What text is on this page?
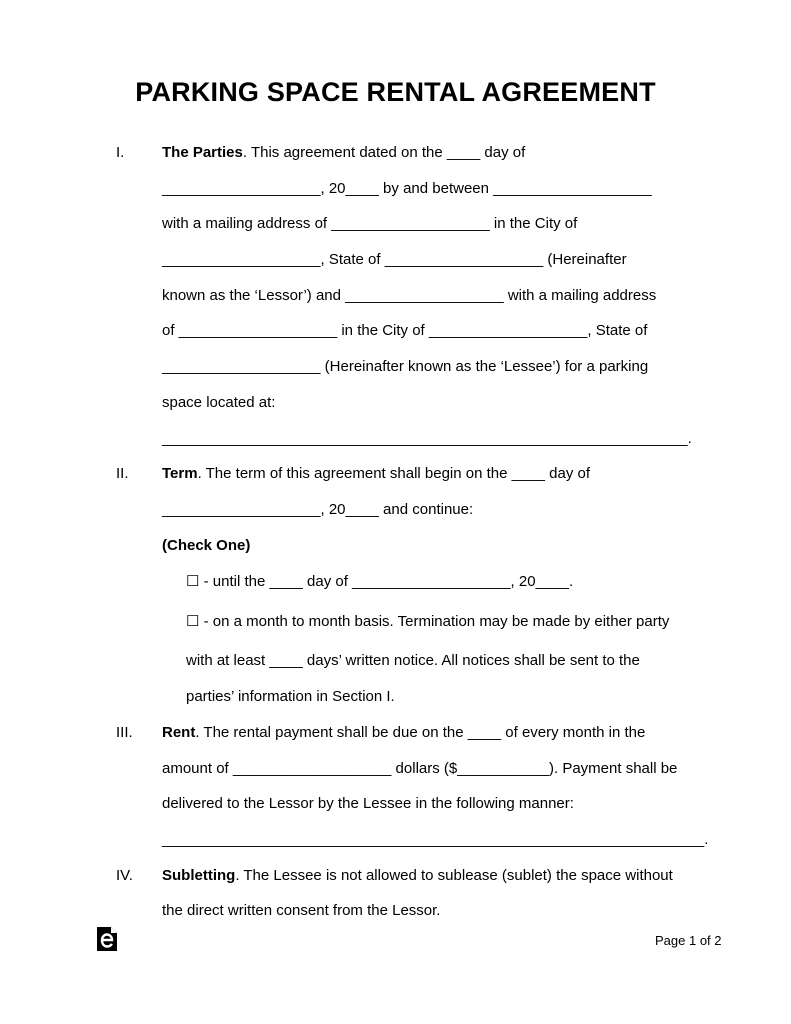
PARKING SPACE RENTAL AGREEMENT
I.	The Parties. This agreement dated on the ____ day of
___________________, 20____ by and between ___________________
with a mailing address of ___________________ in the City of
___________________, State of ___________________ (Hereinafter
known as the ‘Lessor’) and ___________________ with a mailing address
of ___________________ in the City of ___________________, State of
___________________ (Hereinafter known as the ‘Lessee’) for a parking
space located at:
_______________________________________________________________.
II. Term. The term of this agreement shall begin on the ____ day of
___________________, 20____ and continue:
(Check One)
☐ - until the ____ day of ___________________, 20____.
☐ - on a month to month basis. Termination may be made by either party
with at least ____ days’ written notice. All notices shall be sent to the
parties’ information in Section I.
III. Rent. The rental payment shall be due on the ____ of every month in the
amount of ___________________ dollars ($___________). Payment shall be
delivered to the Lessor by the Lessee in the following manner:
_________________________________________________________________.
IV. Subletting. The Lessee is not allowed to sublease (sublet) the space without
the direct written consent from the Lessor.
Page 1 of 2
